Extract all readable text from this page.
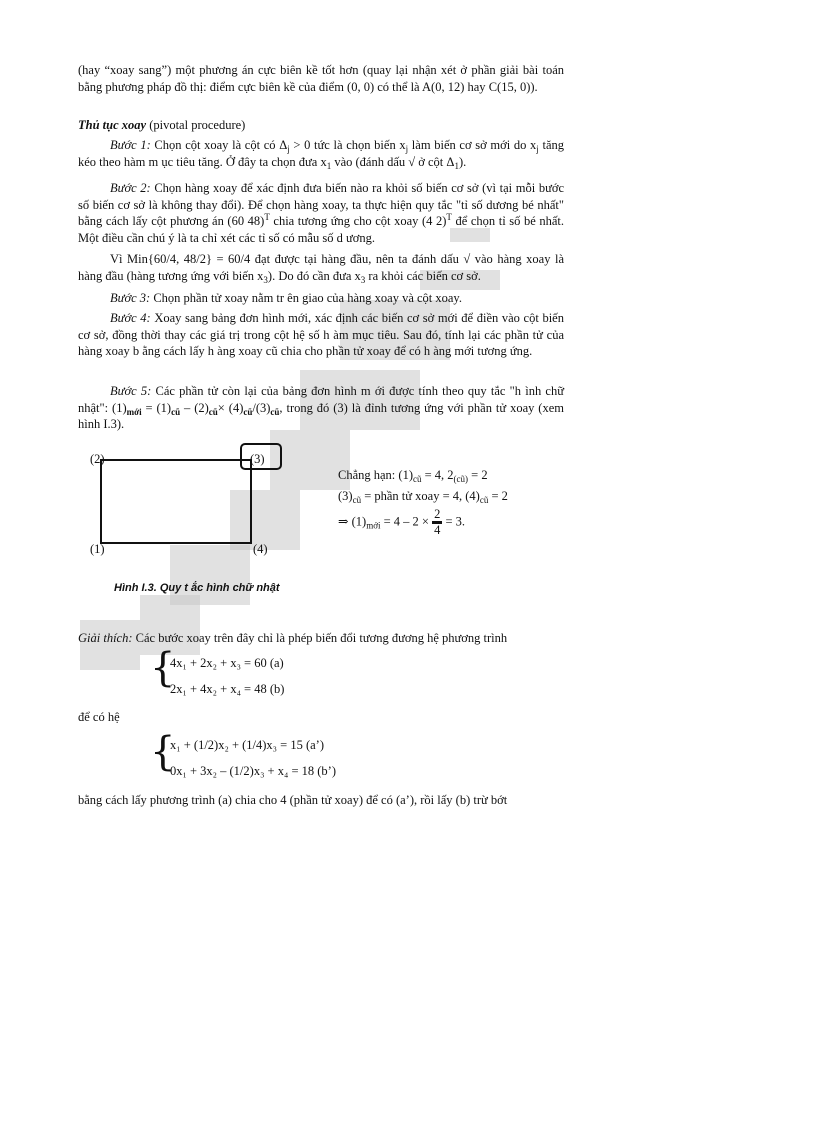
(hay “xoay sang”) một phương án cực biên kề tốt hơn (quay lại nhận xét ở phần giải bài toán bằng phương pháp đồ thị: điểm cực biên kề của điểm (0, 0) có thể là A(0, 12) hay C(15, 0)).

Thủ tục xoay (pivotal procedure)

Bước 1: Chọn cột xoay là cột có $\Delta_j > 0$ tức là chọn biến $x_j$ làm biến cơ sở mới do $x_j$ tăng kéo theo hàm m ục tiêu tăng. Ở đây ta chọn đưa $x_1$ vào (đánh dấu √ ở cột $\Delta_1$).

Bước 2: Chọn hàng xoay để xác định đưa biến nào ra khỏi số biến cơ sở (vì tại mỗi bước số biến cơ sở là không thay đổi). Để chọn hàng xoay, ta thực hiện quy tắc "tỉ số dương bé nhất" bằng cách lấy cột phương án (60 48)$^T$ chia tương ứng cho cột xoay (4 2)$^T$ để chọn tỉ số bé nhất. Một điều cần chú ý là ta chỉ xét các tỉ số có mẫu số d ương.

Vì Min{60/4, 48/2} = 60/4 đạt được tại hàng đầu, nên ta đánh dấu √ vào hàng xoay là hàng đầu (hàng tương ứng với biến $x_3$). Do đó cần đưa $x_3$ ra khỏi các biến cơ sở.

Bước 3: Chọn phần tử xoay nằm tr ên giao của hàng xoay và cột xoay.

Bước 4: Xoay sang bảng đơn hình mới, xác định các biến cơ sở mới để điền vào cột biến cơ sở, đồng thời thay các giá trị trong cột hệ số h àm mục tiêu. Sau đó, tính lại các phần tử của hàng xoay b ằng cách lấy h àng xoay cũ chia cho phần tử xoay để có h àng mới tương ứng.

Bước 5: Các phần tử còn lại của bảng đơn hình m ới được tính theo quy tắc "h ình chữ nhật": $(1)_{mới} = (1)_{cũ} - (2)_{cũ}\times (4)_{cũ}/(3)_{cũ}$, trong đó (3) là đỉnh tương ứng với phần tử xoay (xem hình I.3).

(2)	(3)
(1)	(4)
Chẳng hạn: $(1)_{cũ} = 4$, $2_{(cũ)} = 2$
$(3)_{cũ}$ = phần tử xoay = 4, $(4)_{cũ} = 2$
⇒ $(1)_{mới} = 4 - 2 \times \frac{2}{4} = 3$.
Hình I.3. Quy t ắc hình chữ nhật

Giải thích: Các bước xoay trên đây chỉ là phép biến đổi tương đương hệ phương trình

{
4x₁ + 2x₂ + x₃ = 60 (a)
2x₁ + 4x₂ + x₄ = 48 (b)
để có hệ
{
x₁ + (1/2)x₂ + (1/4)x₃ = 15 (a’)
0x₁ + 3x₂ – (1/2)x₃ + x₄ = 18 (b’)

bằng cách lấy phương trình (a) chia cho 4 (phần tử xoay) để có (a’), rồi lấy (b) trừ bớt
